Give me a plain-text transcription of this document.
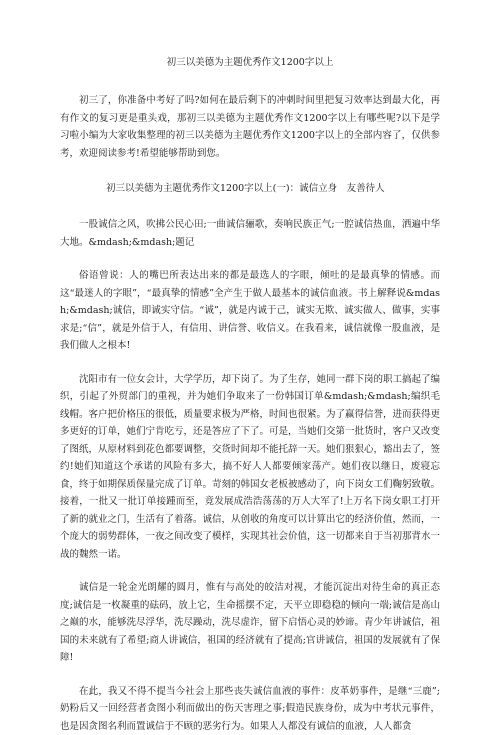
初三以美德为主题优秀作文1200字以上

初三了，你准备中考好了吗?如何在最后剩下的冲刺时间里把复习效率达到最大化，再有作文的复习更是重头戏，那初三以美德为主题优秀作文1200字以上有哪些呢?以下是学习啦小编为大家收集整理的初三以美德为主题优秀作文1200字以上的全部内容了，仅供参考，欢迎阅读参考!希望能够帮助到您。

初三以美德为主题优秀作文1200字以上(一)：诚信立身　友善待人

一股诚信之风，吹拂公民心田;一曲诚信骊歌，奏响民族正气;一腔诚信热血，洒遍中华大地。&mdash;&mdash;题记

俗语曾说：人的嘴巴所表达出来的都是最选人的字眼，倾吐的是最真挚的情感。而这“最迷人的字眼”，“最真挚的情感”全产生于做人最基本的诚信血液。书上解释说&mdash;&mdash;诚信，即诚实守信。“诚”，就是内诚于己，诚实无欺、诚实做人、做事，实事求是;“信”，就是外信于人，有信用、讲信誉、收信义。在我看来，诚信就像一股血液，是我们做人之根本!

沈阳市有一位女会计，大学学历，却下岗了。为了生存，她同一群下岗的职工搞起了编织，引起了外贸部门的重视，并为她们争取来了一份韩国订单&mdash;&mdash;编织毛线帽。客户把价格压的很低，质量要求极为严格，时间也很紧。为了赢得信誉，进而获得更多更好的订单，她们宁肯吃亏，还是答应了下了。可是，当她们交第一批货时，客户又改变了图纸，从原材料到花色都要调整，交货时间却不能托辞一天。她们狠狠心，豁出去了，签约!她们知道这个承诺的风险有多大，搞不好人人都要倾家荡产。她们夜以继日，废寝忘食，终于如期保质保量完成了订单。苛刻的韩国女老板被感动了，向下岗女工们鞠躬致敬。接着，一批又一批订单接踵而至，竟发展成浩浩荡荡的万人大军了!上万名下岗女职工打开了新的就业之门，生活有了着落。诚信，从创收的角度可以计算出它的经济价值，然而，一个庞大的弱势群体，一夜之间改变了模样，实现其社会价值，这一切都来自于当初那背水一战的魏然一诺。

诚信是一轮金光朗耀的圆月，惟有与高处的皎洁对视，才能沉淀出对待生命的真正态度;诚信是一枚凝重的砝码，放上它，生命摇摆不定，天平立即稳稳的倾向一端;诚信是高山之巅的水，能够洗尽浮华，洗尽躁动，洗尽虚诈，留下启悟心灵的妙谛。青少年讲诚信，祖国的未来就有了希望;商人讲诚信，祖国的经济就有了提高;官讲诚信，祖国的发展就有了保障!

在此，我又不得不提当今社会上那些丧失诚信血液的事件：皮革奶事件，是继“三鹿”;奶粉后又一回经营者贪图小利而做出的伤天害理之事;假造民族身份，成为中考状元事件，也是因贪图名利而置诚信于不顾的恶劣行为。如果人人都没有诚信的血液，人人都贪
